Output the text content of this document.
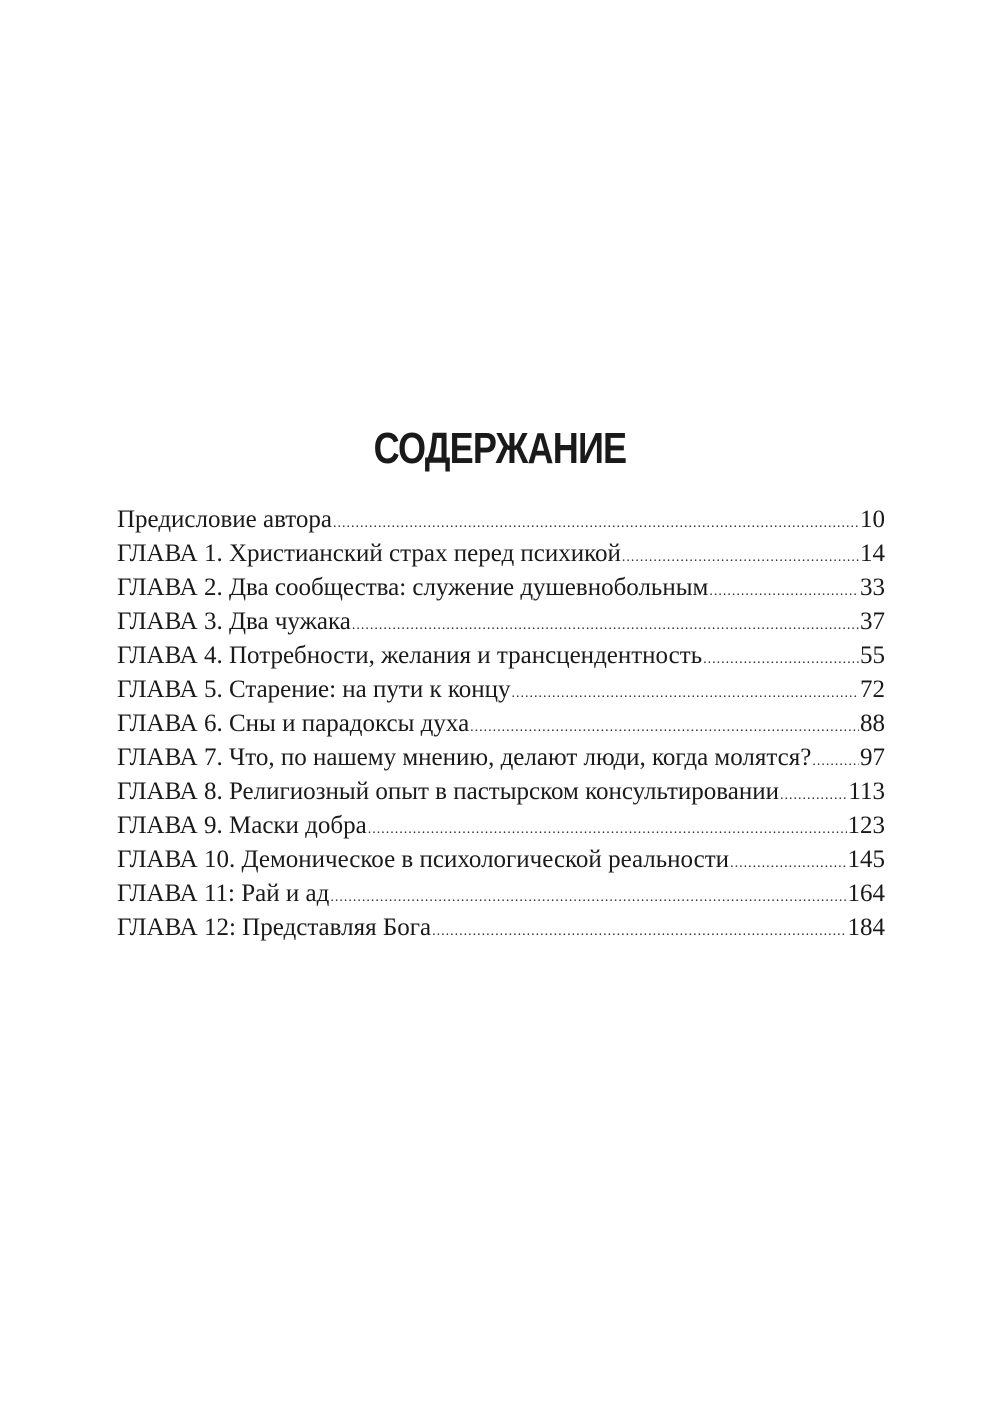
СОДЕРЖАНИЕ
Предисловие автора .....	10
ГЛАВА 1. Христианский страх перед психикой .....	14
ГЛАВА 2. Два сообщества: служение душевнобольным .....	33
ГЛАВА 3. Два чужака .....	37
ГЛАВА 4. Потребности, желания и трансцендентность .....	55
ГЛАВА 5. Старение: на пути к концу .....	72
ГЛАВА 6. Сны и парадоксы духа .....	88
ГЛАВА 7. Что, по нашему мнению, делают люди, когда молятся? ..... 97
ГЛАВА 8. Религиозный опыт в пастырском консультировании .....	113
ГЛАВА 9. Маски добра .....	123
ГЛАВА 10. Демоническое в психологической реальности .....	145
ГЛАВА 11: Рай и ад .....	164
ГЛАВА 12: Представляя Бога .....	184
